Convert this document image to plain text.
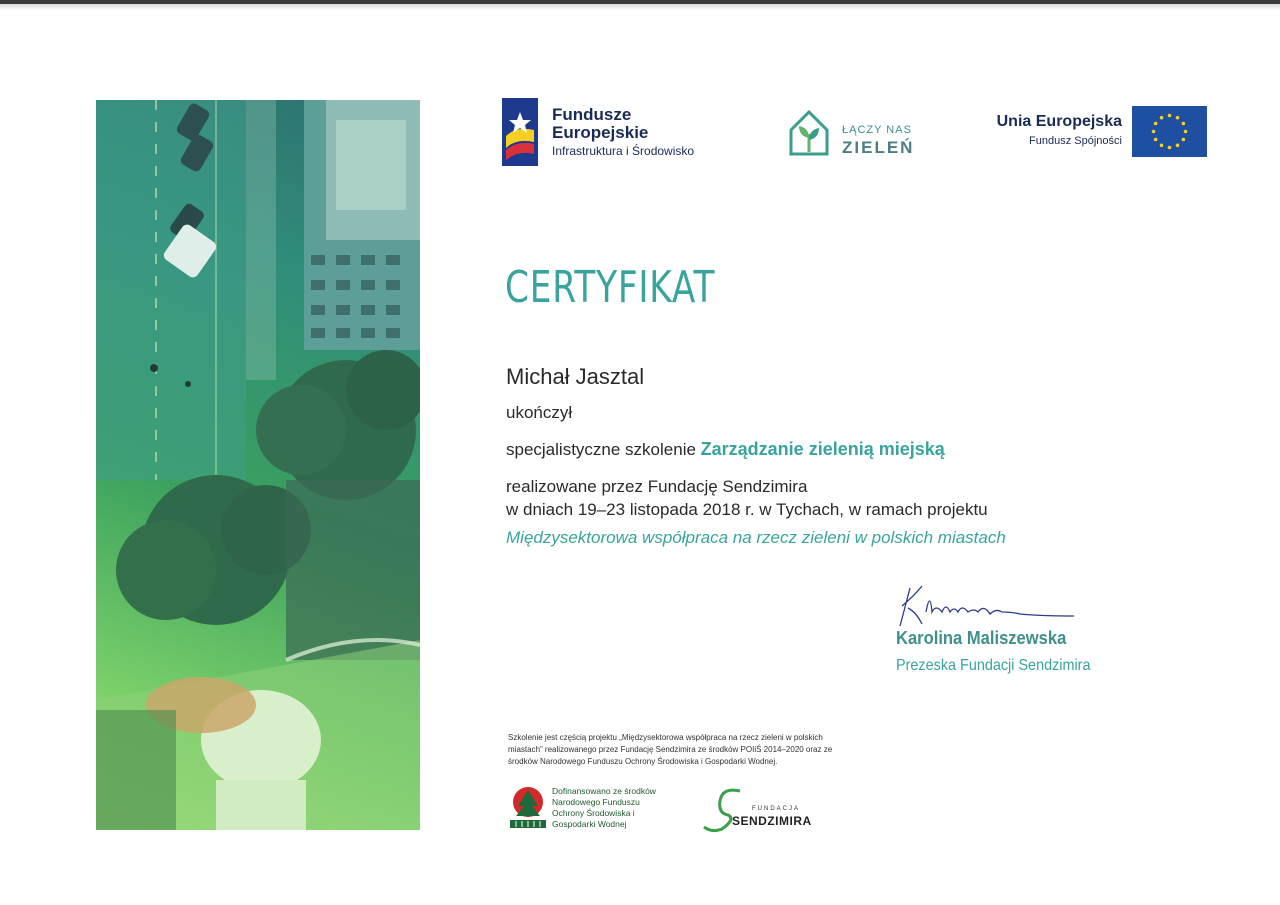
Fundusze Europejskie
Infrastruktura i Środowisko
ŁĄCZY NAS
ZIELEŃ
Unia Europejska
Fundusz Spójności
CERTYFIKAT
Michał Jasztal
ukończył
specjalistyczne szkolenie Zarządzanie zielenią miejską
realizowane przez Fundację Sendzimira
w dniach 19–23 listopada 2018 r. w Tychach, w ramach projektu
Międzysektorowa współpraca na rzecz zieleni w polskich miastach
Karolina Maliszewska
Prezeska Fundacji Sendzimira
Szkolenie jest częścią projektu „Międzysektorowa współpraca na rzecz zieleni w polskich miastach” realizowanego przez Fundację Sendzimira ze środków POIiŚ 2014–2020 oraz ze środków Narodowego Funduszu Ochrony Środowiska i Gospodarki Wodnej.
Dofinansowano ze środków Narodowego Funduszu Ochrony Środowiska i Gospodarki Wodnej
FUNDACJA
SENDZIMIRA
